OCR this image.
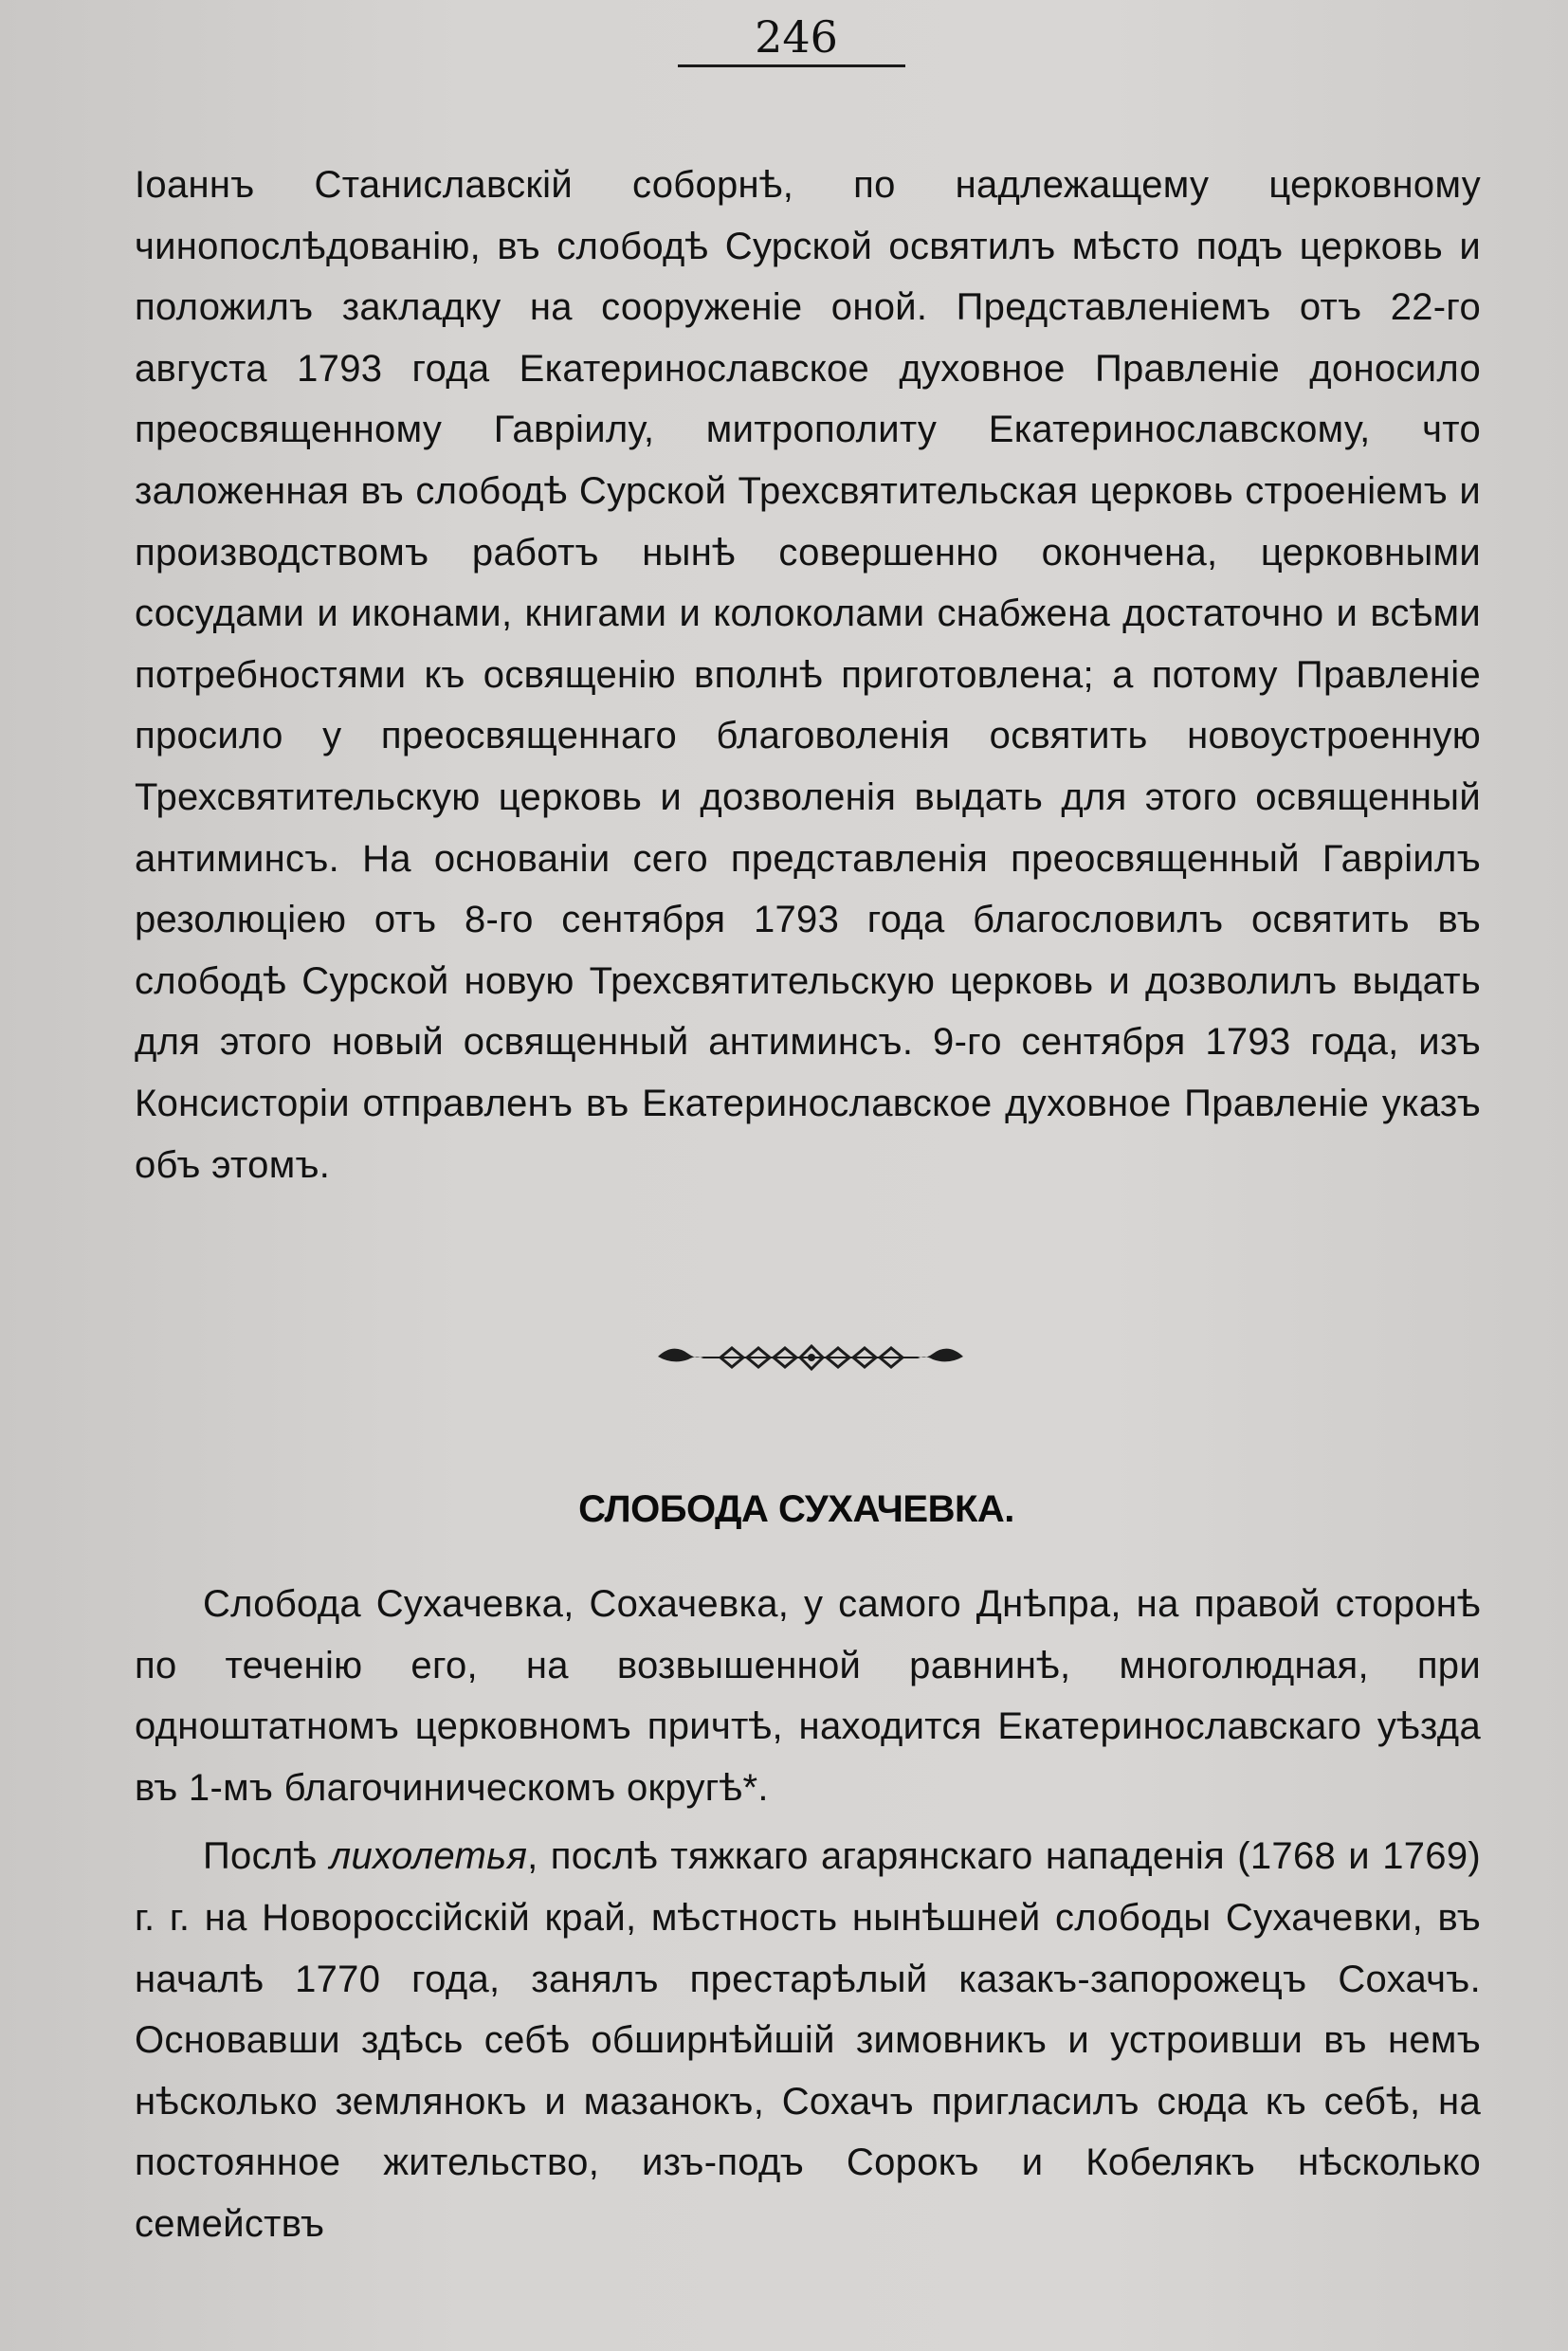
246

Іоаннъ Станиславскій соборнѣ, по надлежащему церковному чинопослѣдованію, въ слободѣ Сурской освятилъ мѣсто подъ церковь и положилъ закладку на сооруженіе оной. Представленіемъ отъ 22-го августа 1793 года Екатеринославское духовное Правленіе доносило преосвященному Гавріилу, митрополиту Екатеринославскому, что заложенная въ слободѣ Сурской Трехсвятительская церковь строеніемъ и производствомъ работъ нынѣ совершенно окончена, церковными сосудами и иконами, книгами и колоколами снабжена достаточно и всѣми потребностями къ освященію вполнѣ приготовлена; а потому Правленіе просило у преосвященнаго благоволенія освятить новоустроенную Трехсвятительскую церковь и дозволенія выдать для этого освященный антиминсъ. На основаніи сего представленія преосвященный Гавріилъ резолюціею отъ 8-го сентября 1793 года благословилъ освятить въ слободѣ Сурской новую Трехсвятительскую церковь и дозволилъ выдать для этого новый освященный антиминсъ. 9-го сентября 1793 года, изъ Консисторіи отправленъ въ Екатеринославское духовное Правленіе указъ объ этомъ.

СЛОБОДА СУХАЧЕВКА.

Слобода Сухачевка, Сохачевка, у самого Днѣпра, на правой сторонѣ по теченію его, на возвышенной равнинѣ, многолюдная, при одноштатномъ церковномъ причтѣ, находится Екатеринославскаго уѣзда въ 1-мъ благочиническомъ округѣ*.

Послѣ лихолетья, послѣ тяжкаго агарянскаго нападенія (1768 и 1769) г. г. на Новороссійскій край, мѣстность нынѣшней слободы Сухачевки, въ началѣ 1770 года, занялъ престарѣлый казакъ-запорожецъ Сохачъ. Основавши здѣсь себѣ обширнѣйшій зимовникъ и устроивши въ немъ нѣсколько землянокъ и мазанокъ, Сохачъ пригласилъ сюда къ себѣ, на постоянное жительство, изъ-подъ Сорокъ и Кобелякъ нѣсколько семействъ
